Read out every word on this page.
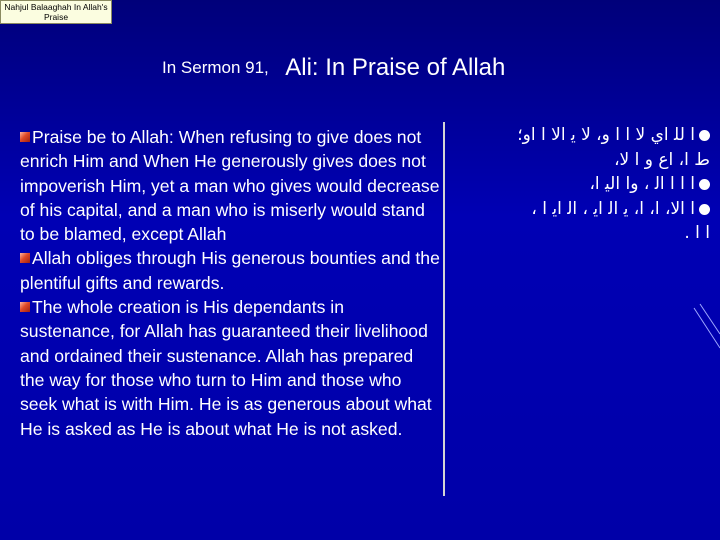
Nahjul Balaaghah In Allah's Praise
In Sermon 91, Ali: In Praise of Allah

Praise be to Allah: When refusing to give does not enrich Him and When He generously gives does not impoverish Him, yet a man who gives would decrease of his capital, and a man who is miserly would stand to be blamed, except Allah

Allah obliges through His generous bounties and the plentiful gifts and rewards.

The whole creation is His dependants in sustenance, for Allah has guaranteed their livelihood and ordained their sustenance. Allah has prepared the way for those who turn to Him and those who seek what is with Him. He is as generous about what He is asked as He is about what He is not asked.

ﺍ ﻟﻠ ﺍﻱ ﻻ ﺍ ﺍ ﻭ، ﻻ ﻳ ﺍﻻ ﺍ ﺍﻭ؛

ﻁ ﺍ، ﺍﻉ ﻭ ﺍ ﻻ،

ﺍ ﺍ ﺍ ﺍﻟ ، ﻭﺍ ﺍﻟﻴ ﺍ،

ﺍ ﺍﻻ، ﺍ، ﺍ، ﻳ ﺍﻟ ﺍﻳ ، ﺍﻟ ﺍﻳ ﺍ ،

ﺍ ﺍ .
